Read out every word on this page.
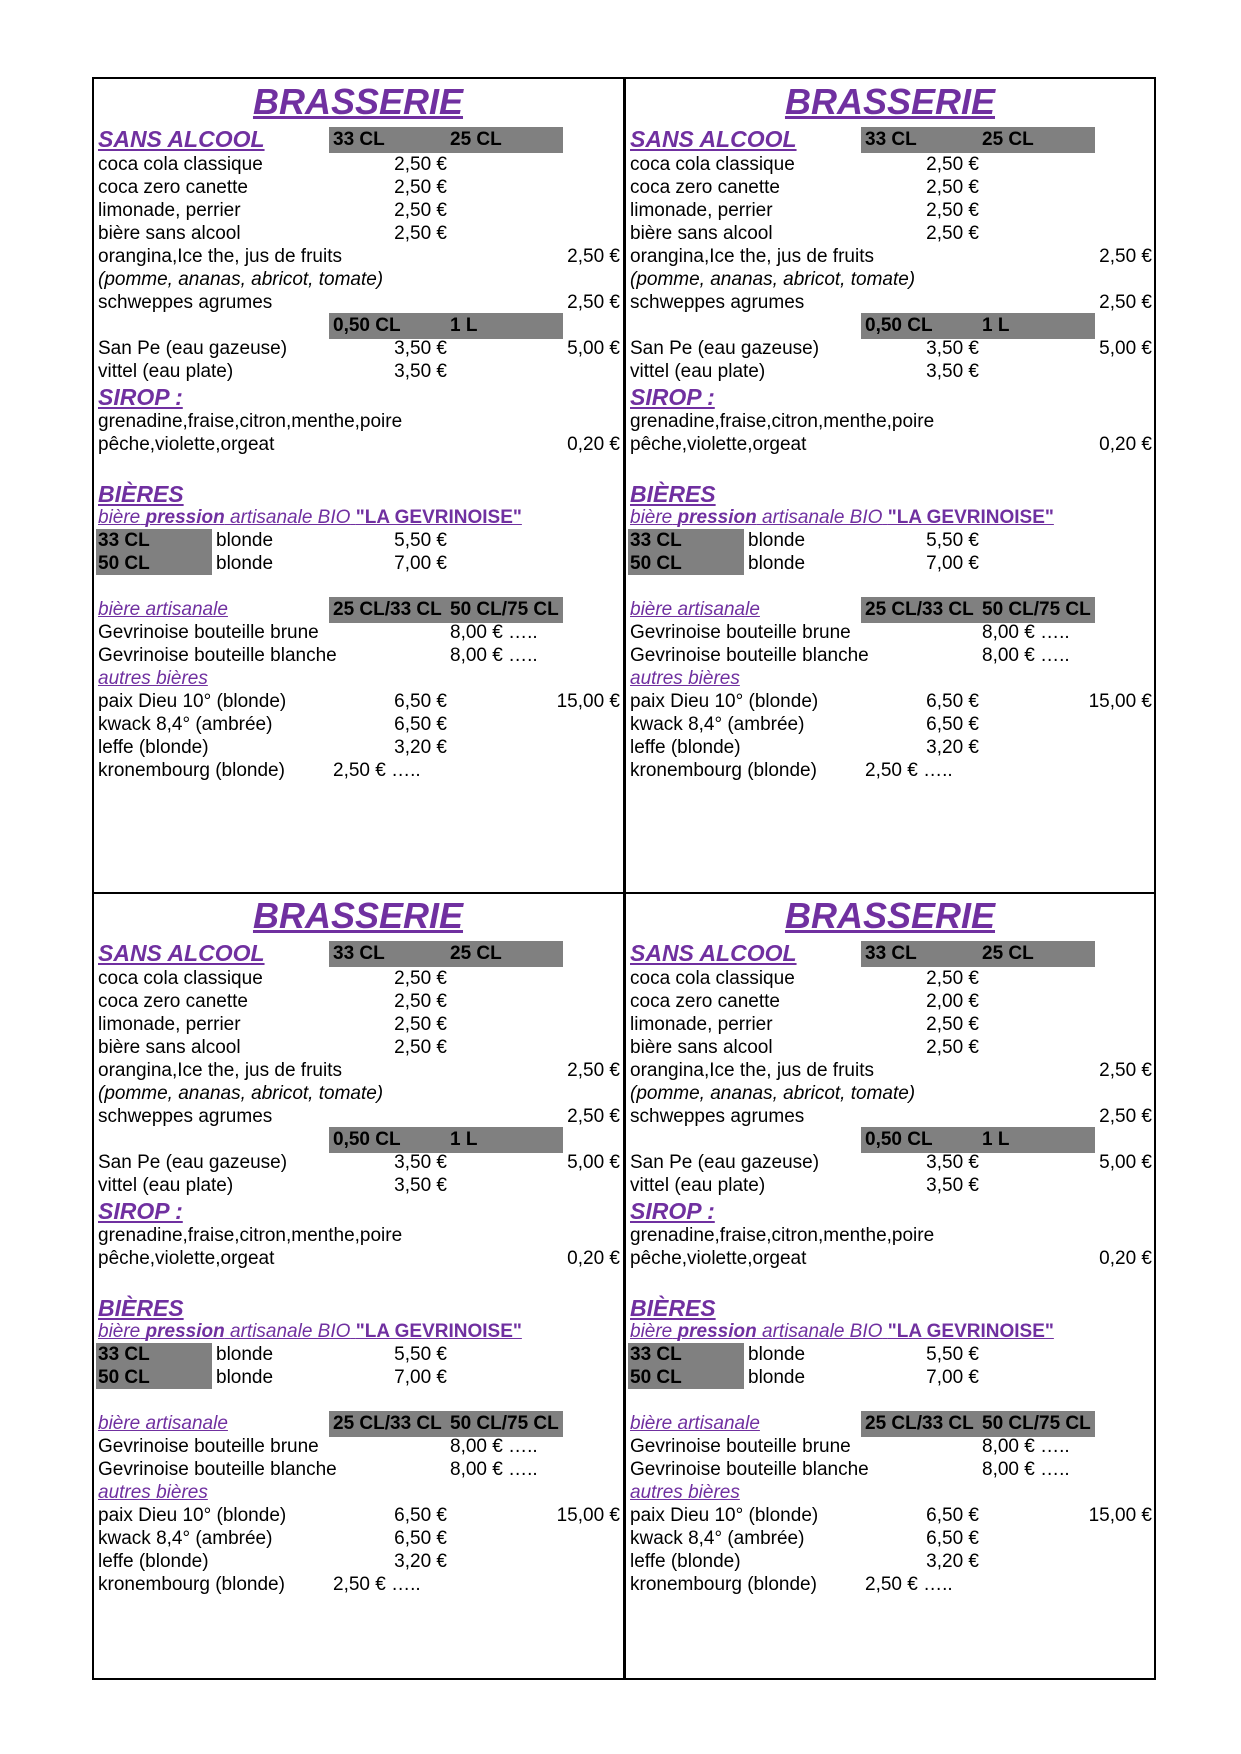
BRASSERIE
SANS ALCOOL	33 CL	25 CL
coca cola classique	2,50 €
coca zero canette	2,50 €
limonade, perrier	2,50 €
bière sans alcool	2,50 €
orangina,Ice the, jus de fruits	2,50 €
(pomme, ananas, abricot, tomate)
schweppes agrumes	2,50 €
0,50 CL	1 L
San Pe (eau gazeuse)	3,50 €	5,00 €
vittel (eau plate)	3,50 €
SIROP :
grenadine,fraise,citron,menthe,poire
pêche,violette,orgeat	0,20 €
BIÈRES
bière pression artisanale BIO "LA GEVRINOISE"
33 CL	blonde	5,50 €
50 CL	blonde	7,00 €
bière artisanale	25 CL/33 CL 50 CL/75 CL
Gevrinoise bouteille brune	8,00 € …..
Gevrinoise bouteille blanche	8,00 € …..
autres bières
paix Dieu 10° (blonde)	6,50 €	15,00 €
kwack 8,4° (ambrée)	6,50 €
leffe (blonde)	3,20 €
kronembourg (blonde)	2,50 € …..
BRASSERIE
SANS ALCOOL	33 CL	25 CL
coca cola classique	2,50 €
coca zero canette	2,50 €
limonade, perrier	2,50 €
bière sans alcool	2,50 €
orangina,Ice the, jus de fruits	2,50 €
(pomme, ananas, abricot, tomate)
schweppes agrumes	2,50 €
0,50 CL	1 L
San Pe (eau gazeuse)	3,50 €	5,00 €
vittel (eau plate)	3,50 €
SIROP :
grenadine,fraise,citron,menthe,poire
pêche,violette,orgeat	0,20 €
BIÈRES
bière pression artisanale BIO "LA GEVRINOISE"
33 CL	blonde	5,50 €
50 CL	blonde	7,00 €
bière artisanale	25 CL/33 CL 50 CL/75 CL
Gevrinoise bouteille brune	8,00 € …..
Gevrinoise bouteille blanche	8,00 € …..
autres bières
paix Dieu 10° (blonde)	6,50 €	15,00 €
kwack 8,4° (ambrée)	6,50 €
leffe (blonde)	3,20 €
kronembourg (blonde)	2,50 € …..
BRASSERIE
SANS ALCOOL	33 CL	25 CL
coca cola classique	2,50 €
coca zero canette	2,50 €
limonade, perrier	2,50 €
bière sans alcool	2,50 €
orangina,Ice the, jus de fruits	2,50 €
(pomme, ananas, abricot, tomate)
schweppes agrumes	2,50 €
0,50 CL	1 L
San Pe (eau gazeuse)	3,50 €	5,00 €
vittel (eau plate)	3,50 €
SIROP :
grenadine,fraise,citron,menthe,poire
pêche,violette,orgeat	0,20 €
BIÈRES
bière pression artisanale BIO "LA GEVRINOISE"
33 CL	blonde	5,50 €
50 CL	blonde	7,00 €
bière artisanale	25 CL/33 CL 50 CL/75 CL
Gevrinoise bouteille brune	8,00 € …..
Gevrinoise bouteille blanche	8,00 € …..
autres bières
paix Dieu 10° (blonde)	6,50 €	15,00 €
kwack 8,4° (ambrée)	6,50 €
leffe (blonde)	3,20 €
kronembourg (blonde)	2,50 € …..
BRASSERIE
SANS ALCOOL	33 CL	25 CL
coca cola classique	2,50 €
coca zero canette	2,00 €
limonade, perrier	2,50 €
bière sans alcool	2,50 €
orangina,Ice the, jus de fruits	2,50 €
(pomme, ananas, abricot, tomate)
schweppes agrumes	2,50 €
0,50 CL	1 L
San Pe (eau gazeuse)	3,50 €	5,00 €
vittel (eau plate)	3,50 €
SIROP :
grenadine,fraise,citron,menthe,poire
pêche,violette,orgeat	0,20 €
BIÈRES
bière pression artisanale BIO "LA GEVRINOISE"
33 CL	blonde	5,50 €
50 CL	blonde	7,00 €
bière artisanale	25 CL/33 CL 50 CL/75 CL
Gevrinoise bouteille brune	8,00 € …..
Gevrinoise bouteille blanche	8,00 € …..
autres bières
paix Dieu 10° (blonde)	6,50 €	15,00 €
kwack 8,4° (ambrée)	6,50 €
leffe (blonde)	3,20 €
kronembourg (blonde)	2,50 € …..
